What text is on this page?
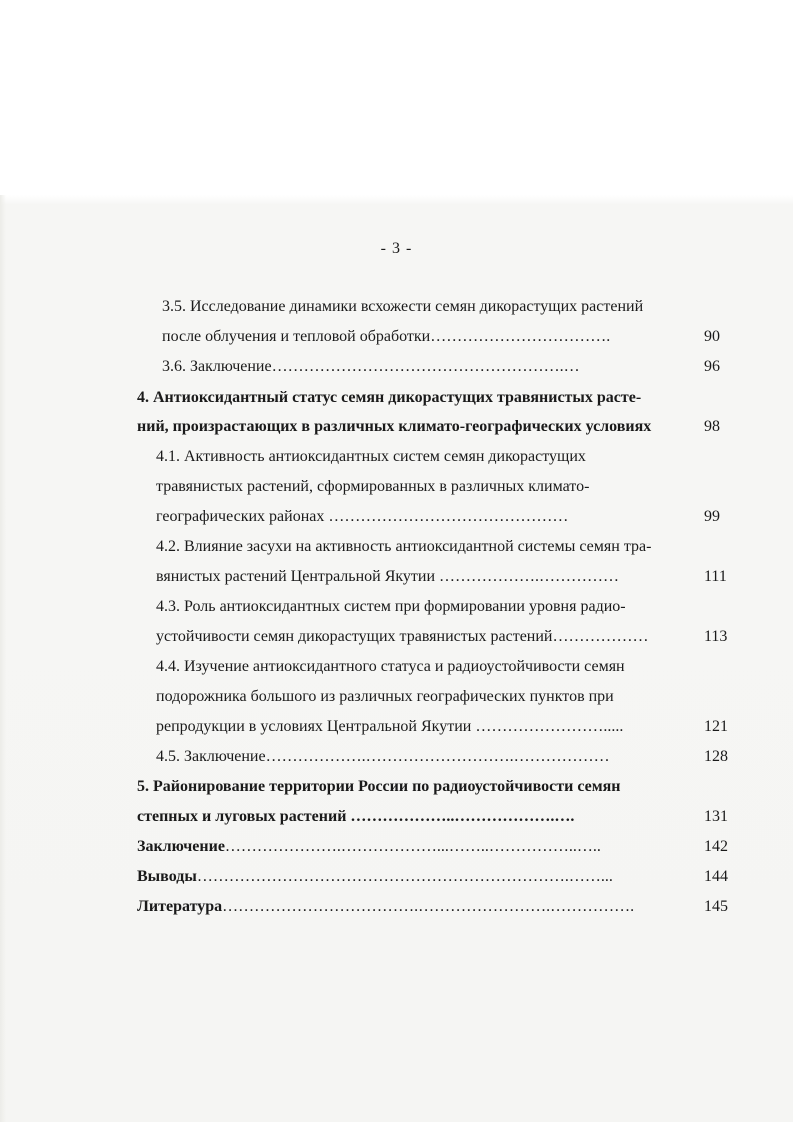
- 3 -
3.5. Исследование динамики всхожести семян дикорастущих растений
после облучения и тепловой обработки…………………………….	90
3.6. Заключение……………………………………………….…	96
4. Антиоксидантный статус семян дикорастущих травянистых расте-
ний, произрастающих в различных климато-географических условиях	98
4.1. Активность антиоксидантных систем семян дикорастущих
травянистых растений, сформированных в различных климато-
географических районах ………………………………………	99
4.2. Влияние засухи на активность антиоксидантной системы семян тра-
вянистых растений Центральной Якутии ……………….……………	111
4.3. Роль антиоксидантных систем при формировании уровня радио-
устойчивости семян дикорастущих травянистых растений………………	113
4.4. Изучение антиоксидантного статуса и радиоустойчивости семян
подорожника большого из различных географических пунктов при
репродукции в условиях Центральной Якутии …………………….....	121
4.5. Заключение……………….……………………….………………	128
5. Районирование территории России по радиоустойчивости семян
степных и луговых растений ………………..……………….….	131
Заключение………………….………………...……..……………..…..	142
Выводы…………………………………………………………….……...	144
Литература……………………………….…………………….…………….	145
